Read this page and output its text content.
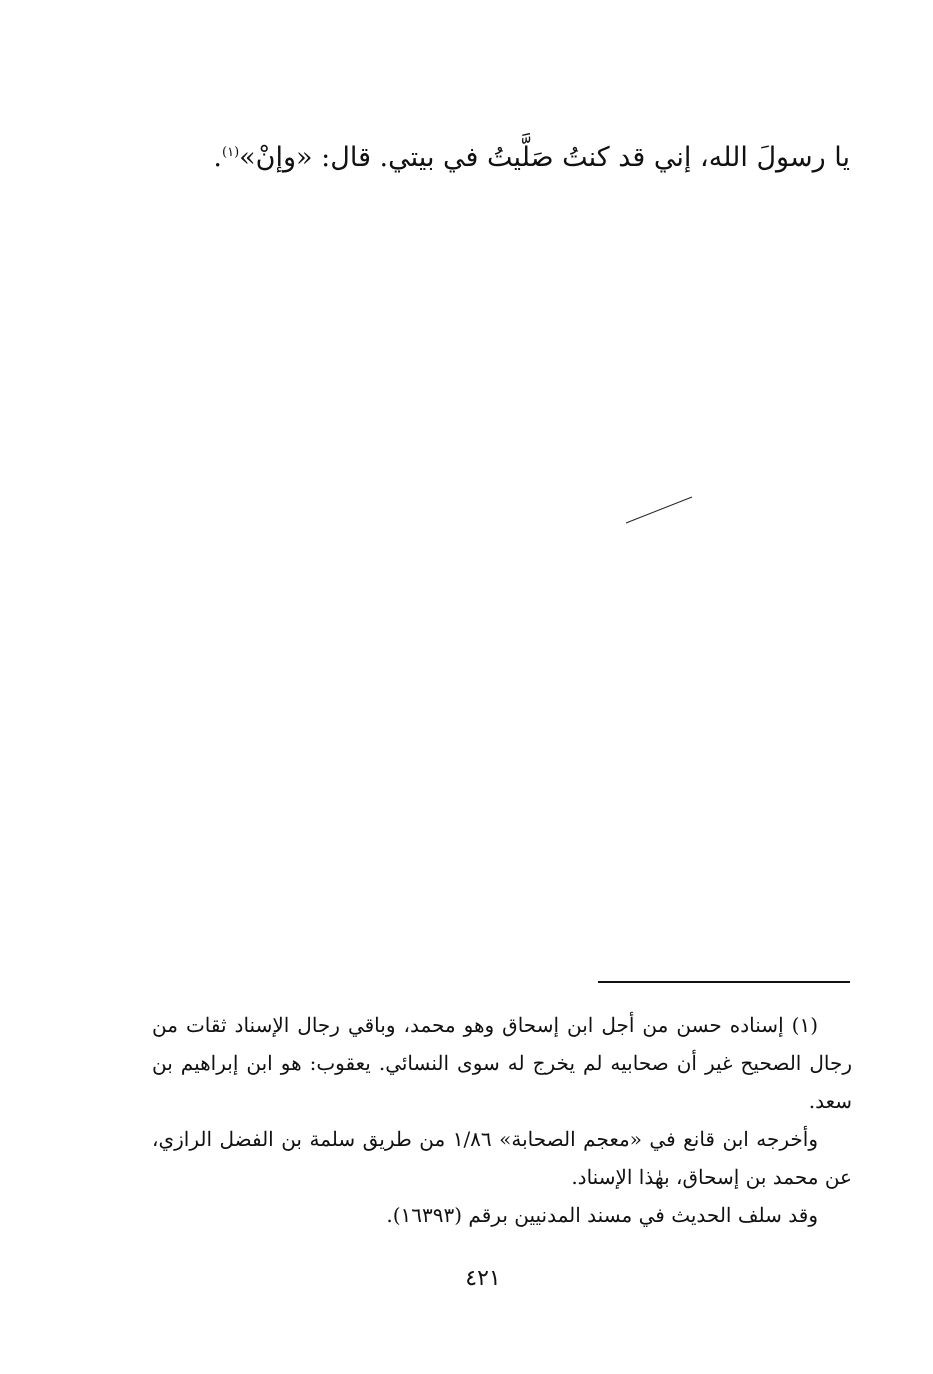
يا رسولَ الله، إني قد كنتُ صَلَّيتُ في بيتي. قال: «وإنْ»$^{(١)}$.

(١) إسناده حسن من أجل ابن إسحاق وهو محمد، وباقي رجال الإسناد ثقات من رجال الصحيح غير أن صحابيه لم يخرج له سوى النسائي. يعقوب: هو ابن إبراهيم بن سعد.

وأخرجه ابن قانع في «معجم الصحابة» ١/٨٦ من طريق سلمة بن الفضل الرازي، عن محمد بن إسحاق، بهٰذا الإسناد.

وقد سلف الحديث في مسند المدنيين برقم (١٦٣٩٣).

٤٢١
